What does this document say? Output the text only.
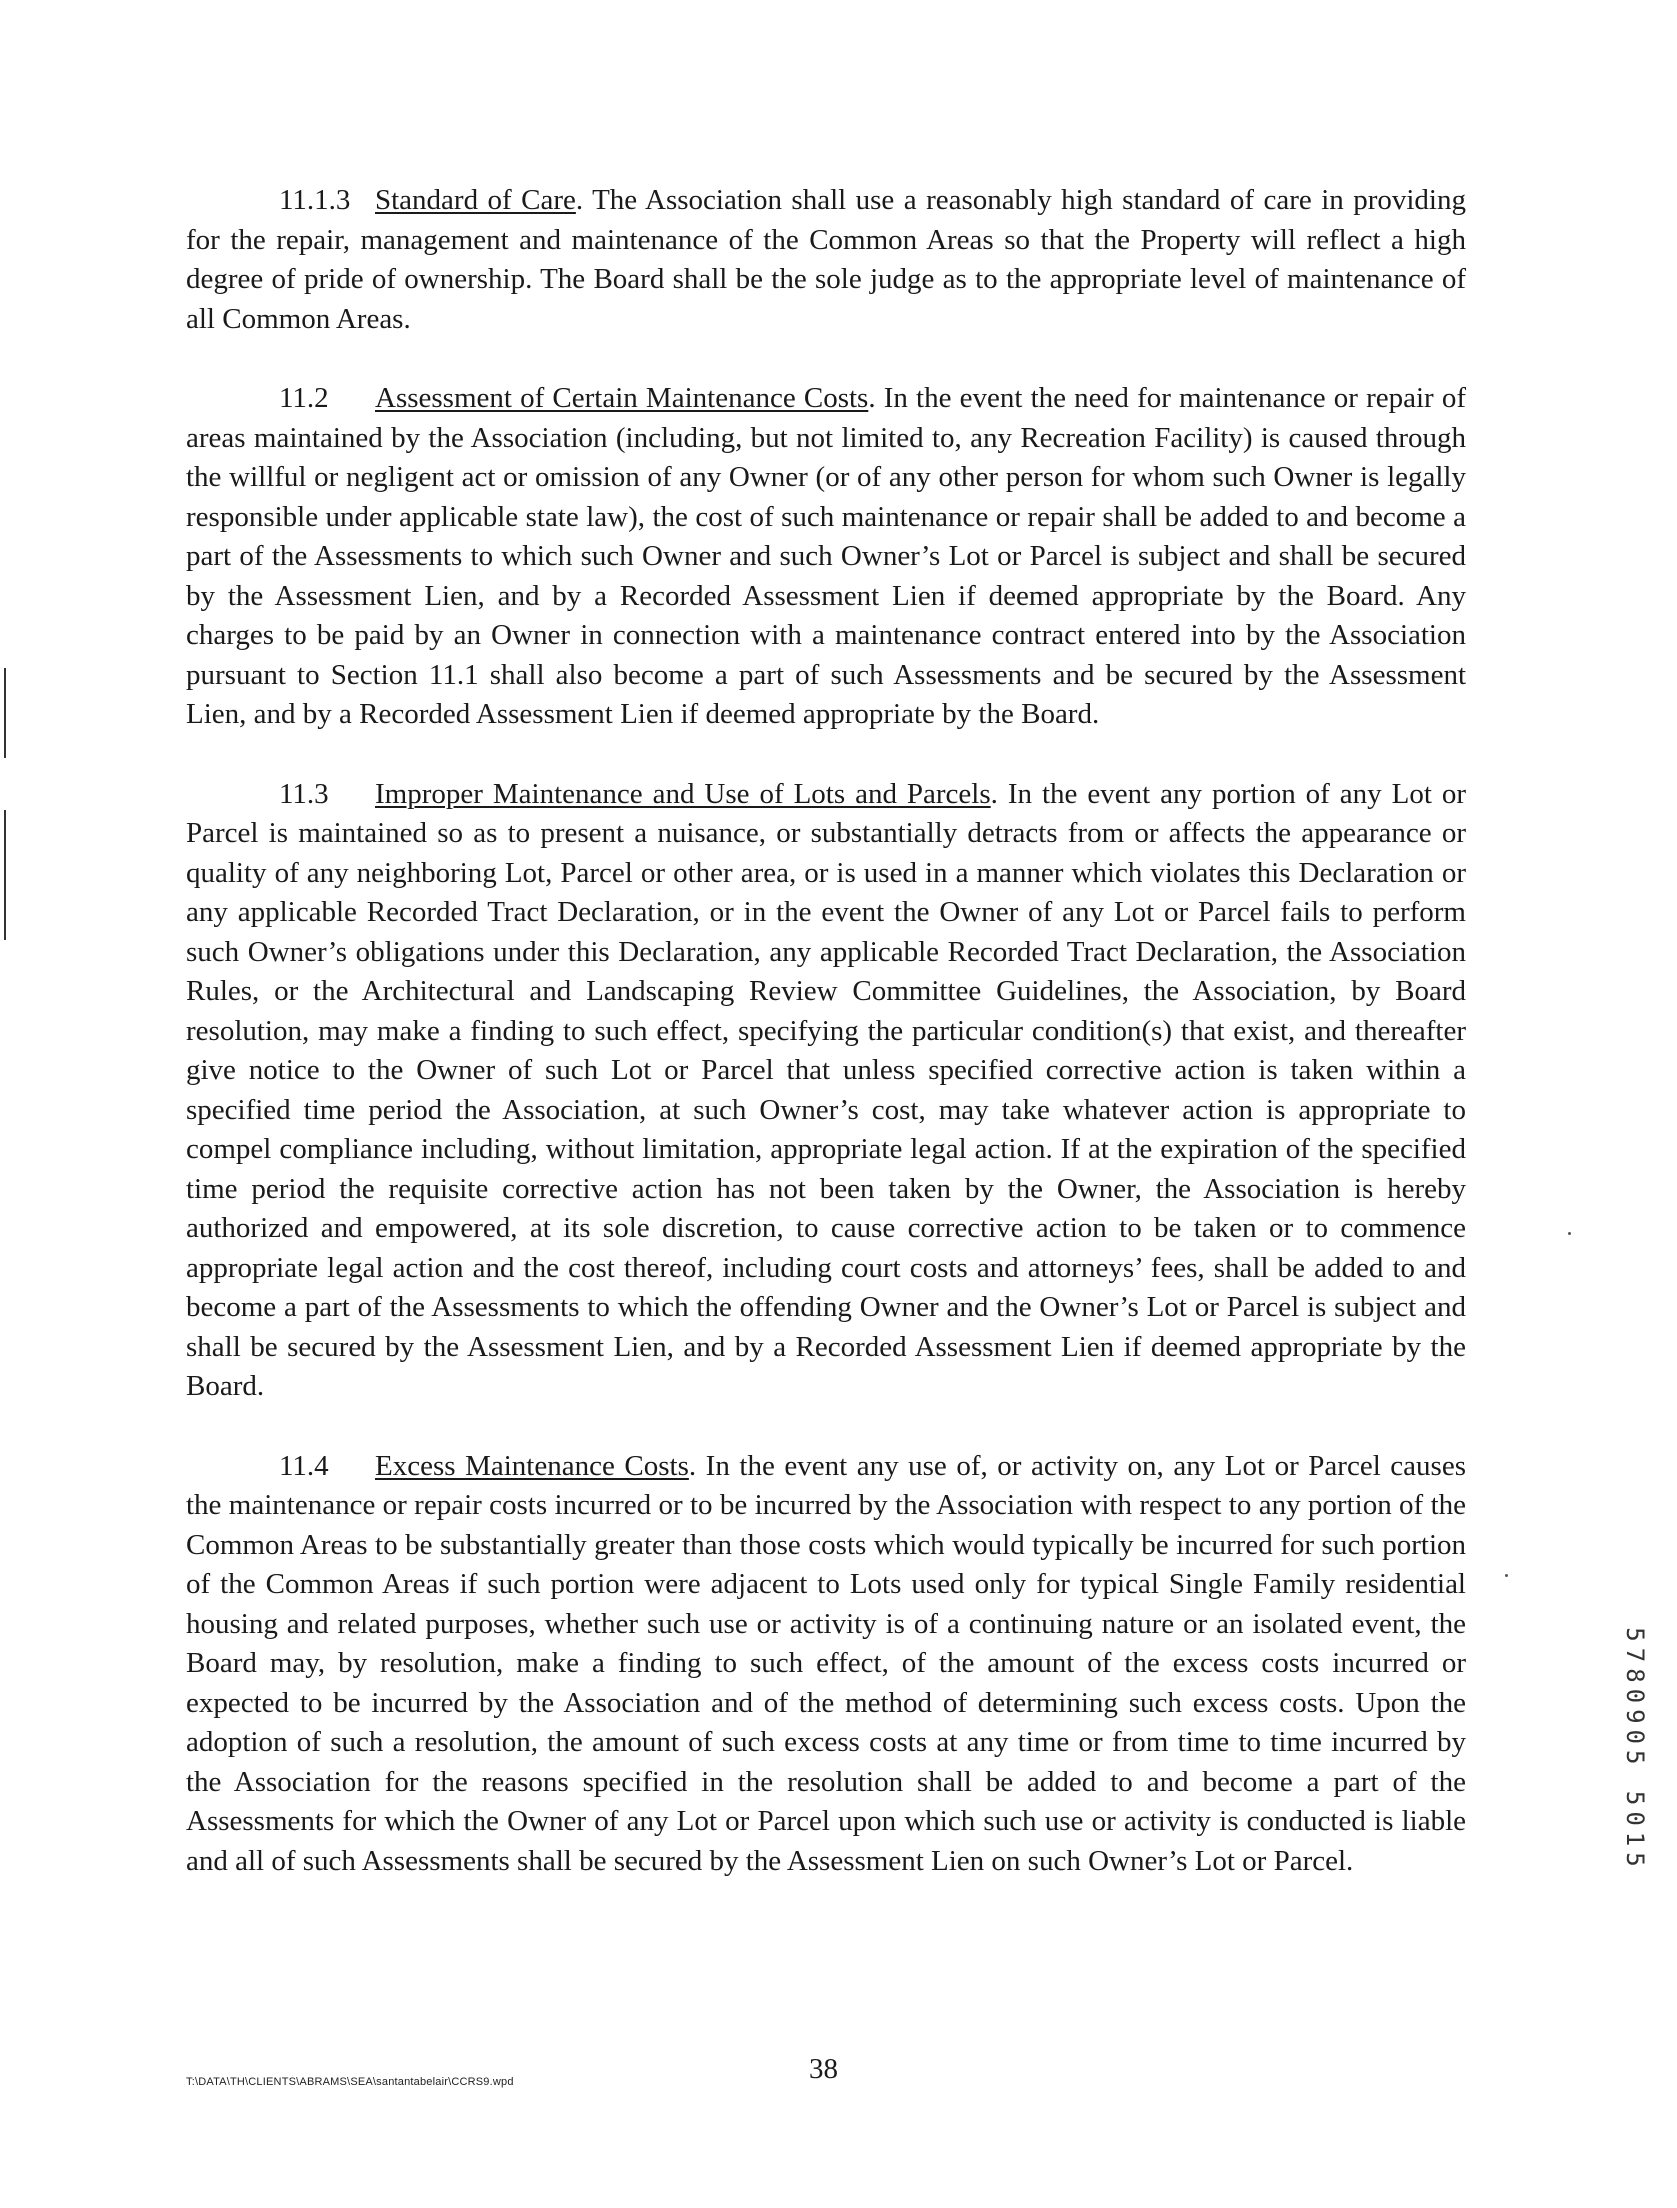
11.1.3 Standard of Care. The Association shall use a reasonably high standard of care in providing for the repair, management and maintenance of the Common Areas so that the Property will reflect a high degree of pride of ownership. The Board shall be the sole judge as to the appropriate level of maintenance of all Common Areas.

11.2 Assessment of Certain Maintenance Costs. In the event the need for maintenance or repair of areas maintained by the Association (including, but not limited to, any Recreation Facility) is caused through the willful or negligent act or omission of any Owner (or of any other person for whom such Owner is legally responsible under applicable state law), the cost of such maintenance or repair shall be added to and become a part of the Assessments to which such Owner and such Owner’s Lot or Parcel is subject and shall be secured by the Assessment Lien, and by a Recorded Assessment Lien if deemed appropriate by the Board. Any charges to be paid by an Owner in connection with a maintenance contract entered into by the Association pursuant to Section 11.1 shall also become a part of such Assessments and be secured by the Assessment Lien, and by a Recorded Assessment Lien if deemed appropriate by the Board.

11.3 Improper Maintenance and Use of Lots and Parcels. In the event any portion of any Lot or Parcel is maintained so as to present a nuisance, or substantially detracts from or affects the appearance or quality of any neighboring Lot, Parcel or other area, or is used in a manner which violates this Declaration or any applicable Recorded Tract Declaration, or in the event the Owner of any Lot or Parcel fails to perform such Owner’s obligations under this Declaration, any applicable Recorded Tract Declaration, the Association Rules, or the Architectural and Landscaping Review Committee Guidelines, the Association, by Board resolution, may make a finding to such effect, specifying the particular condition(s) that exist, and thereafter give notice to the Owner of such Lot or Parcel that unless specified corrective action is taken within a specified time period the Association, at such Owner’s cost, may take whatever action is appropriate to compel compliance including, without limitation, appropriate legal action. If at the expiration of the specified time period the requisite corrective action has not been taken by the Owner, the Association is hereby authorized and empowered, at its sole discretion, to cause corrective action to be taken or to commence appropriate legal action and the cost thereof, including court costs and attorneys’ fees, shall be added to and become a part of the Assessments to which the offending Owner and the Owner’s Lot or Parcel is subject and shall be secured by the Assessment Lien, and by a Recorded Assessment Lien if deemed appropriate by the Board.

11.4 Excess Maintenance Costs. In the event any use of, or activity on, any Lot or Parcel causes the maintenance or repair costs incurred or to be incurred by the Association with respect to any portion of the Common Areas to be substantially greater than those costs which would typically be incurred for such portion of the Common Areas if such portion were adjacent to Lots used only for typical Single Family residential housing and related purposes, whether such use or activity is of a continuing nature or an isolated event, the Board may, by resolution, make a finding to such effect, of the amount of the excess costs incurred or expected to be incurred by the Association and of the method of determining such excess costs. Upon the adoption of such a resolution, the amount of such excess costs at any time or from time to time incurred by the Association for the reasons specified in the resolution shall be added to and become a part of the Assessments for which the Owner of any Lot or Parcel upon which such use or activity is conducted is liable and all of such Assessments shall be secured by the Assessment Lien on such Owner’s Lot or Parcel.	5780905 5015
T:\DATA\TH\CLIENTS\ABRAMS\SEA\santantabelair\CCRS9.wpd	38
